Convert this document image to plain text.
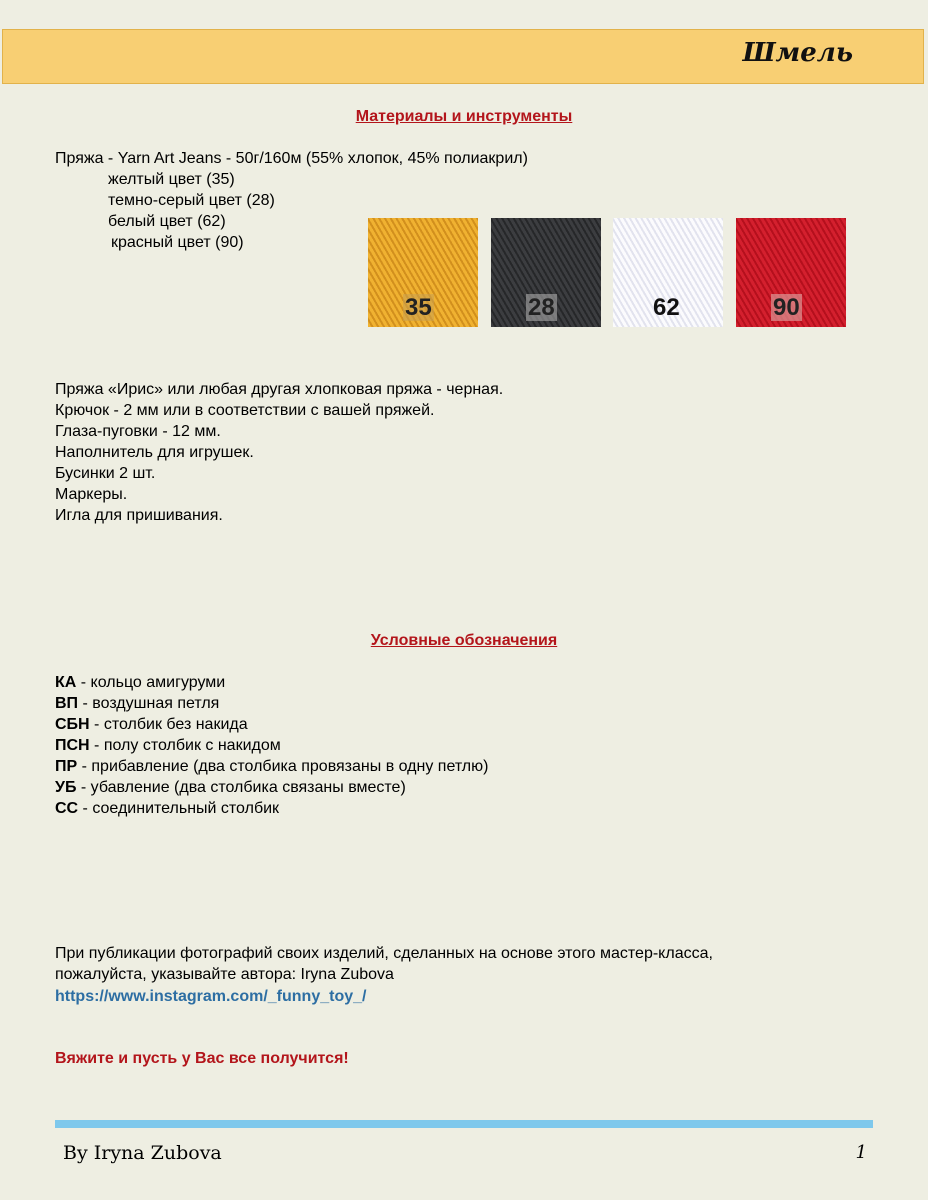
Шмель
Материалы и инструменты
Пряжа - Yarn Art Jeans - 50г/160м (55% хлопок, 45% полиакрил)
желтый цвет (35)
темно-серый цвет (28)
белый цвет (62)
красный цвет (90)
35	28	62	90
Пряжа «Ирис» или любая другая хлопковая пряжа - черная.
Крючок - 2 мм или в соответствии с вашей пряжей.
Глаза-пуговки - 12 мм.
Наполнитель для игрушек.
Бусинки 2 шт.
Маркеры.
Игла для пришивания.
Условные обозначения
КА - кольцо амигуруми
ВП - воздушная петля
СБН - столбик без накида
ПСН - полу столбик с накидом
ПР - прибавление (два столбика провязаны в одну петлю)
УБ - убавление (два столбика связаны вместе)
СС - соединительный столбик
При публикации фотографий своих изделий, сделанных на основе этого мастер-класса,
пожалуйста, указывайте автора: Iryna Zubova
https://www.instagram.com/_funny_toy_/
Вяжите и пусть у Вас все получится!
By Iryna Zubova	1
